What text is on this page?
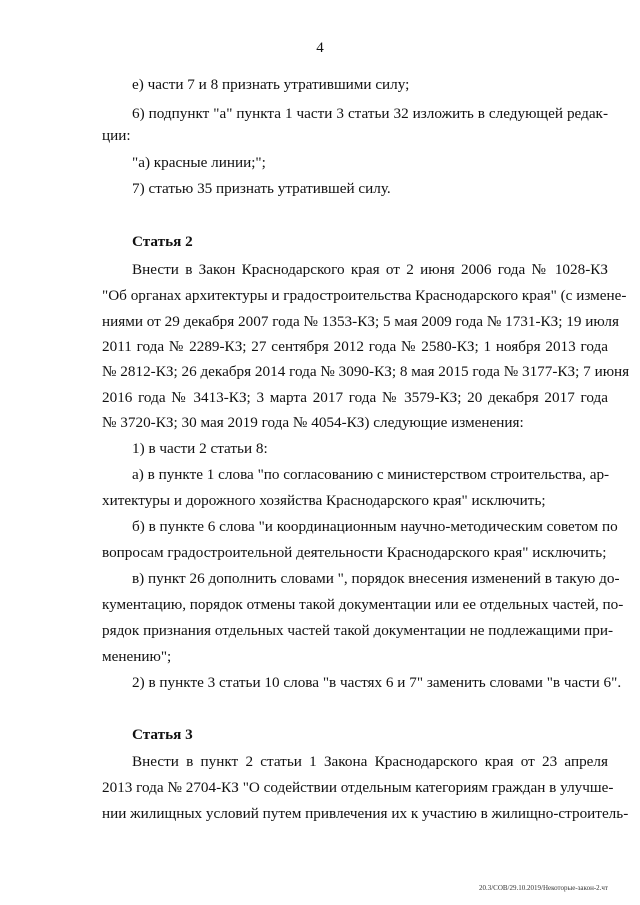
4
е) части 7 и 8 признать утратившими силу;
6) подпункт "а" пункта 1 части 3 статьи 32 изложить в следующей редак-
ции:
"а) красные линии;";
7) статью 35 признать утратившей силу.
Статья 2
Внести в Закон Краснодарского края от 2 июня 2006 года № 1028-КЗ
"Об органах архитектуры и градостроительства Краснодарского края" (с измене-
ниями от 29 декабря 2007 года № 1353-КЗ; 5 мая 2009 года № 1731-КЗ; 19 июля
2011 года № 2289-КЗ; 27 сентября 2012 года № 2580-КЗ; 1 ноября 2013 года
№ 2812-КЗ; 26 декабря 2014 года № 3090-КЗ; 8 мая 2015 года № 3177-КЗ; 7 июня
2016 года № 3413-КЗ; 3 марта 2017 года № 3579-КЗ; 20 декабря 2017 года
№ 3720-КЗ; 30 мая 2019 года № 4054-КЗ) следующие изменения:
1) в части 2 статьи 8:
а) в пункте 1 слова "по согласованию с министерством строительства, ар-
хитектуры и дорожного хозяйства Краснодарского края" исключить;
б) в пункте 6 слова "и координационным научно-методическим советом по
вопросам градостроительной деятельности Краснодарского края" исключить;
в) пункт 26 дополнить словами ", порядок внесения изменений в такую до-
кументацию, порядок отмены такой документации или ее отдельных частей, по-
рядок признания отдельных частей такой документации не подлежащими при-
менению";
2) в пункте 3 статьи 10 слова "в частях 6 и 7" заменить словами "в части 6".
Статья 3
Внести в пункт 2 статьи 1 Закона Краснодарского края от 23 апреля
2013 года № 2704-КЗ "О содействии отдельным категориям граждан в улучше-
нии жилищных условий путем привлечения их к участию в жилищно-строитель-
20.3/СОВ/29.10.2019/Некоторые-закон-2.чт
